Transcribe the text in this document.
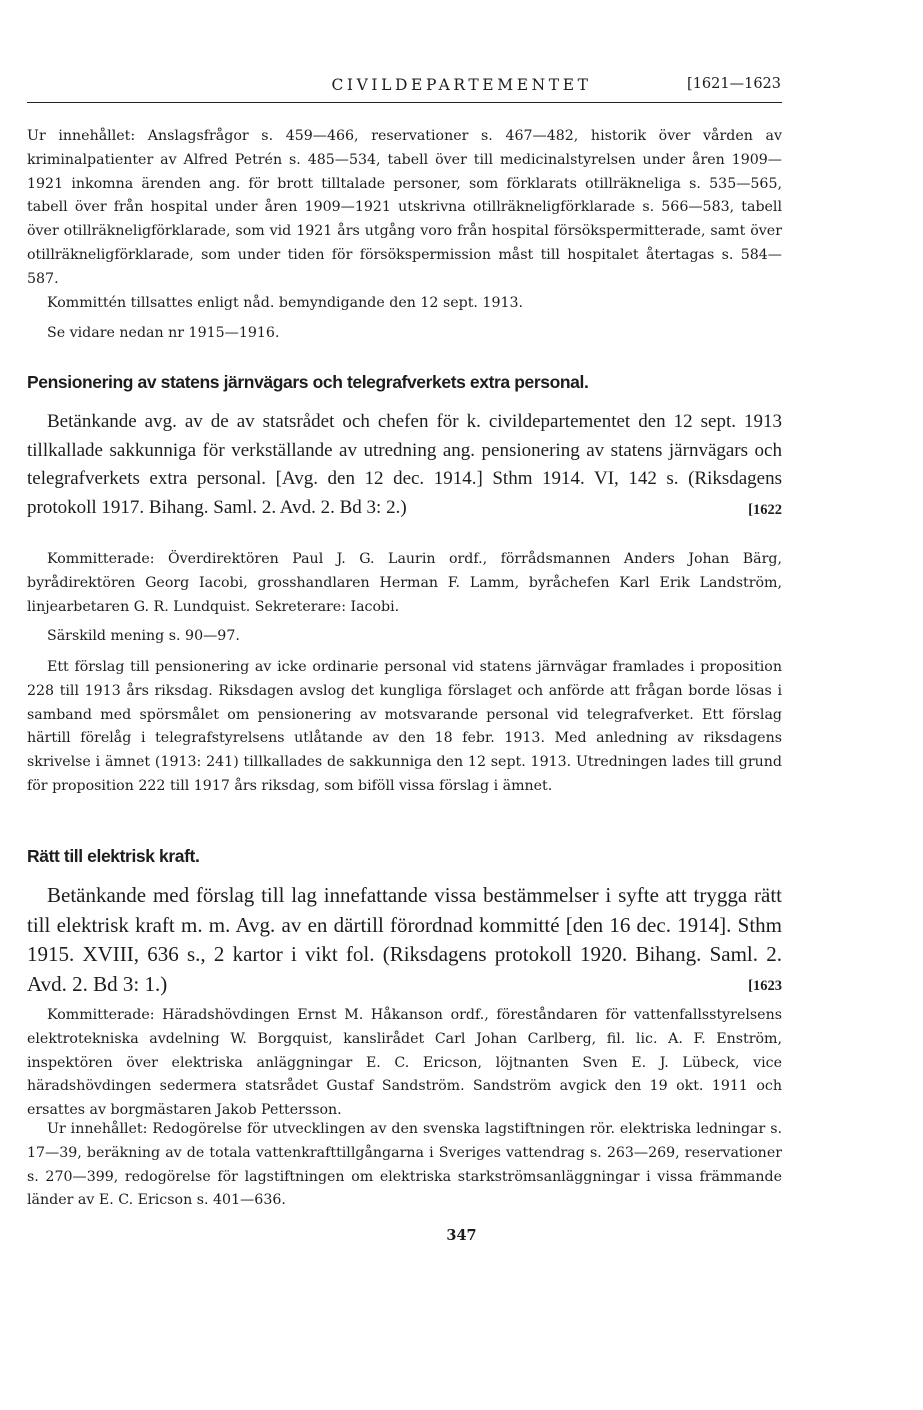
CIVILDEPARTEMENTET	[1621—1623
Ur innehållet: Anslagsfrågor s. 459—466, reservationer s. 467—482, historik över vården av kriminalpatienter av Alfred Petrén s. 485—534, tabell över till medicinalstyrelsen under åren 1909—1921 inkomna ärenden ang. för brott tilltalade personer, som förklarats otillräkneliga s. 535—565, tabell över från hospital under åren 1909—1921 utskrivna otillräkneligförklarade s. 566—583, tabell över otillräkneligförklarade, som vid 1921 års utgång voro från hospital försökspermitterade, samt över otillräkneligförklarade, som under tiden för försökspermission måst till hospitalet återtagas s. 584—587.
Kommittén tillsattes enligt nåd. bemyndigande den 12 sept. 1913.
Se vidare nedan nr 1915—1916.
Pensionering av statens järnvägars och telegrafverkets extra personal.
Betänkande avg. av de av statsrådet och chefen för k. civildepartementet den 12 sept. 1913 tillkallade sakkunniga för verkställande av utredning ang. pensionering av statens järnvägars och telegrafverkets extra personal. [Avg. den 12 dec. 1914.] Sthm 1914. VI, 142 s. (Riksdagens protokoll 1917. Bihang. Saml. 2. Avd. 2. Bd 3: 2.)	[1622
Kommitterade: Överdirektören Paul J. G. Laurin ordf., förrådsmannen Anders Johan Bärg, byrådirektören Georg Iacobi, grosshandlaren Herman F. Lamm, byråchefen Karl Erik Landström, linjearbetaren G. R. Lundquist. Sekreterare: Iacobi.
Särskild mening s. 90—97.
Ett förslag till pensionering av icke ordinarie personal vid statens järnvägar framlades i proposition 228 till 1913 års riksdag. Riksdagen avslog det kungliga förslaget och anförde att frågan borde lösas i samband med spörsmålet om pensionering av motsvarande personal vid telegrafverket. Ett förslag härtill förelåg i telegrafstyrelsens utlåtande av den 18 febr. 1913. Med anledning av riksdagens skrivelse i ämnet (1913: 241) tillkallades de sakkunniga den 12 sept. 1913. Utredningen lades till grund för proposition 222 till 1917 års riksdag, som biföll vissa förslag i ämnet.
Rätt till elektrisk kraft.
Betänkande med förslag till lag innefattande vissa bestämmelser i syfte att trygga rätt till elektrisk kraft m. m. Avg. av en därtill förordnad kommitté [den 16 dec. 1914]. Sthm 1915. XVIII, 636 s., 2 kartor i vikt fol. (Riksdagens protokoll 1920. Bihang. Saml. 2. Avd. 2. Bd 3: 1.)	[1623
Kommitterade: Häradshövdingen Ernst M. Håkanson ordf., föreståndaren för vattenfallsstyrelsens elektrotekniska avdelning W. Borgquist, kanslirådet Carl Johan Carlberg, fil. lic. A. F. Enström, inspektören över elektriska anläggningar E. C. Ericson, löjtnanten Sven E. J. Lübeck, vice häradshövdingen sedermera statsrådet Gustaf Sandström. Sandström avgick den 19 okt. 1911 och ersattes av borgmästaren Jakob Pettersson.
Ur innehållet: Redogörelse för utvecklingen av den svenska lagstiftningen rör. elektriska ledningar s. 17—39, beräkning av de totala vattenkrafttillgångarna i Sveriges vattendrag s. 263—269, reservationer s. 270—399, redogörelse för lagstiftningen om elektriska starkströmsanläggningar i vissa främmande länder av E. C. Ericson s. 401—636.
347
